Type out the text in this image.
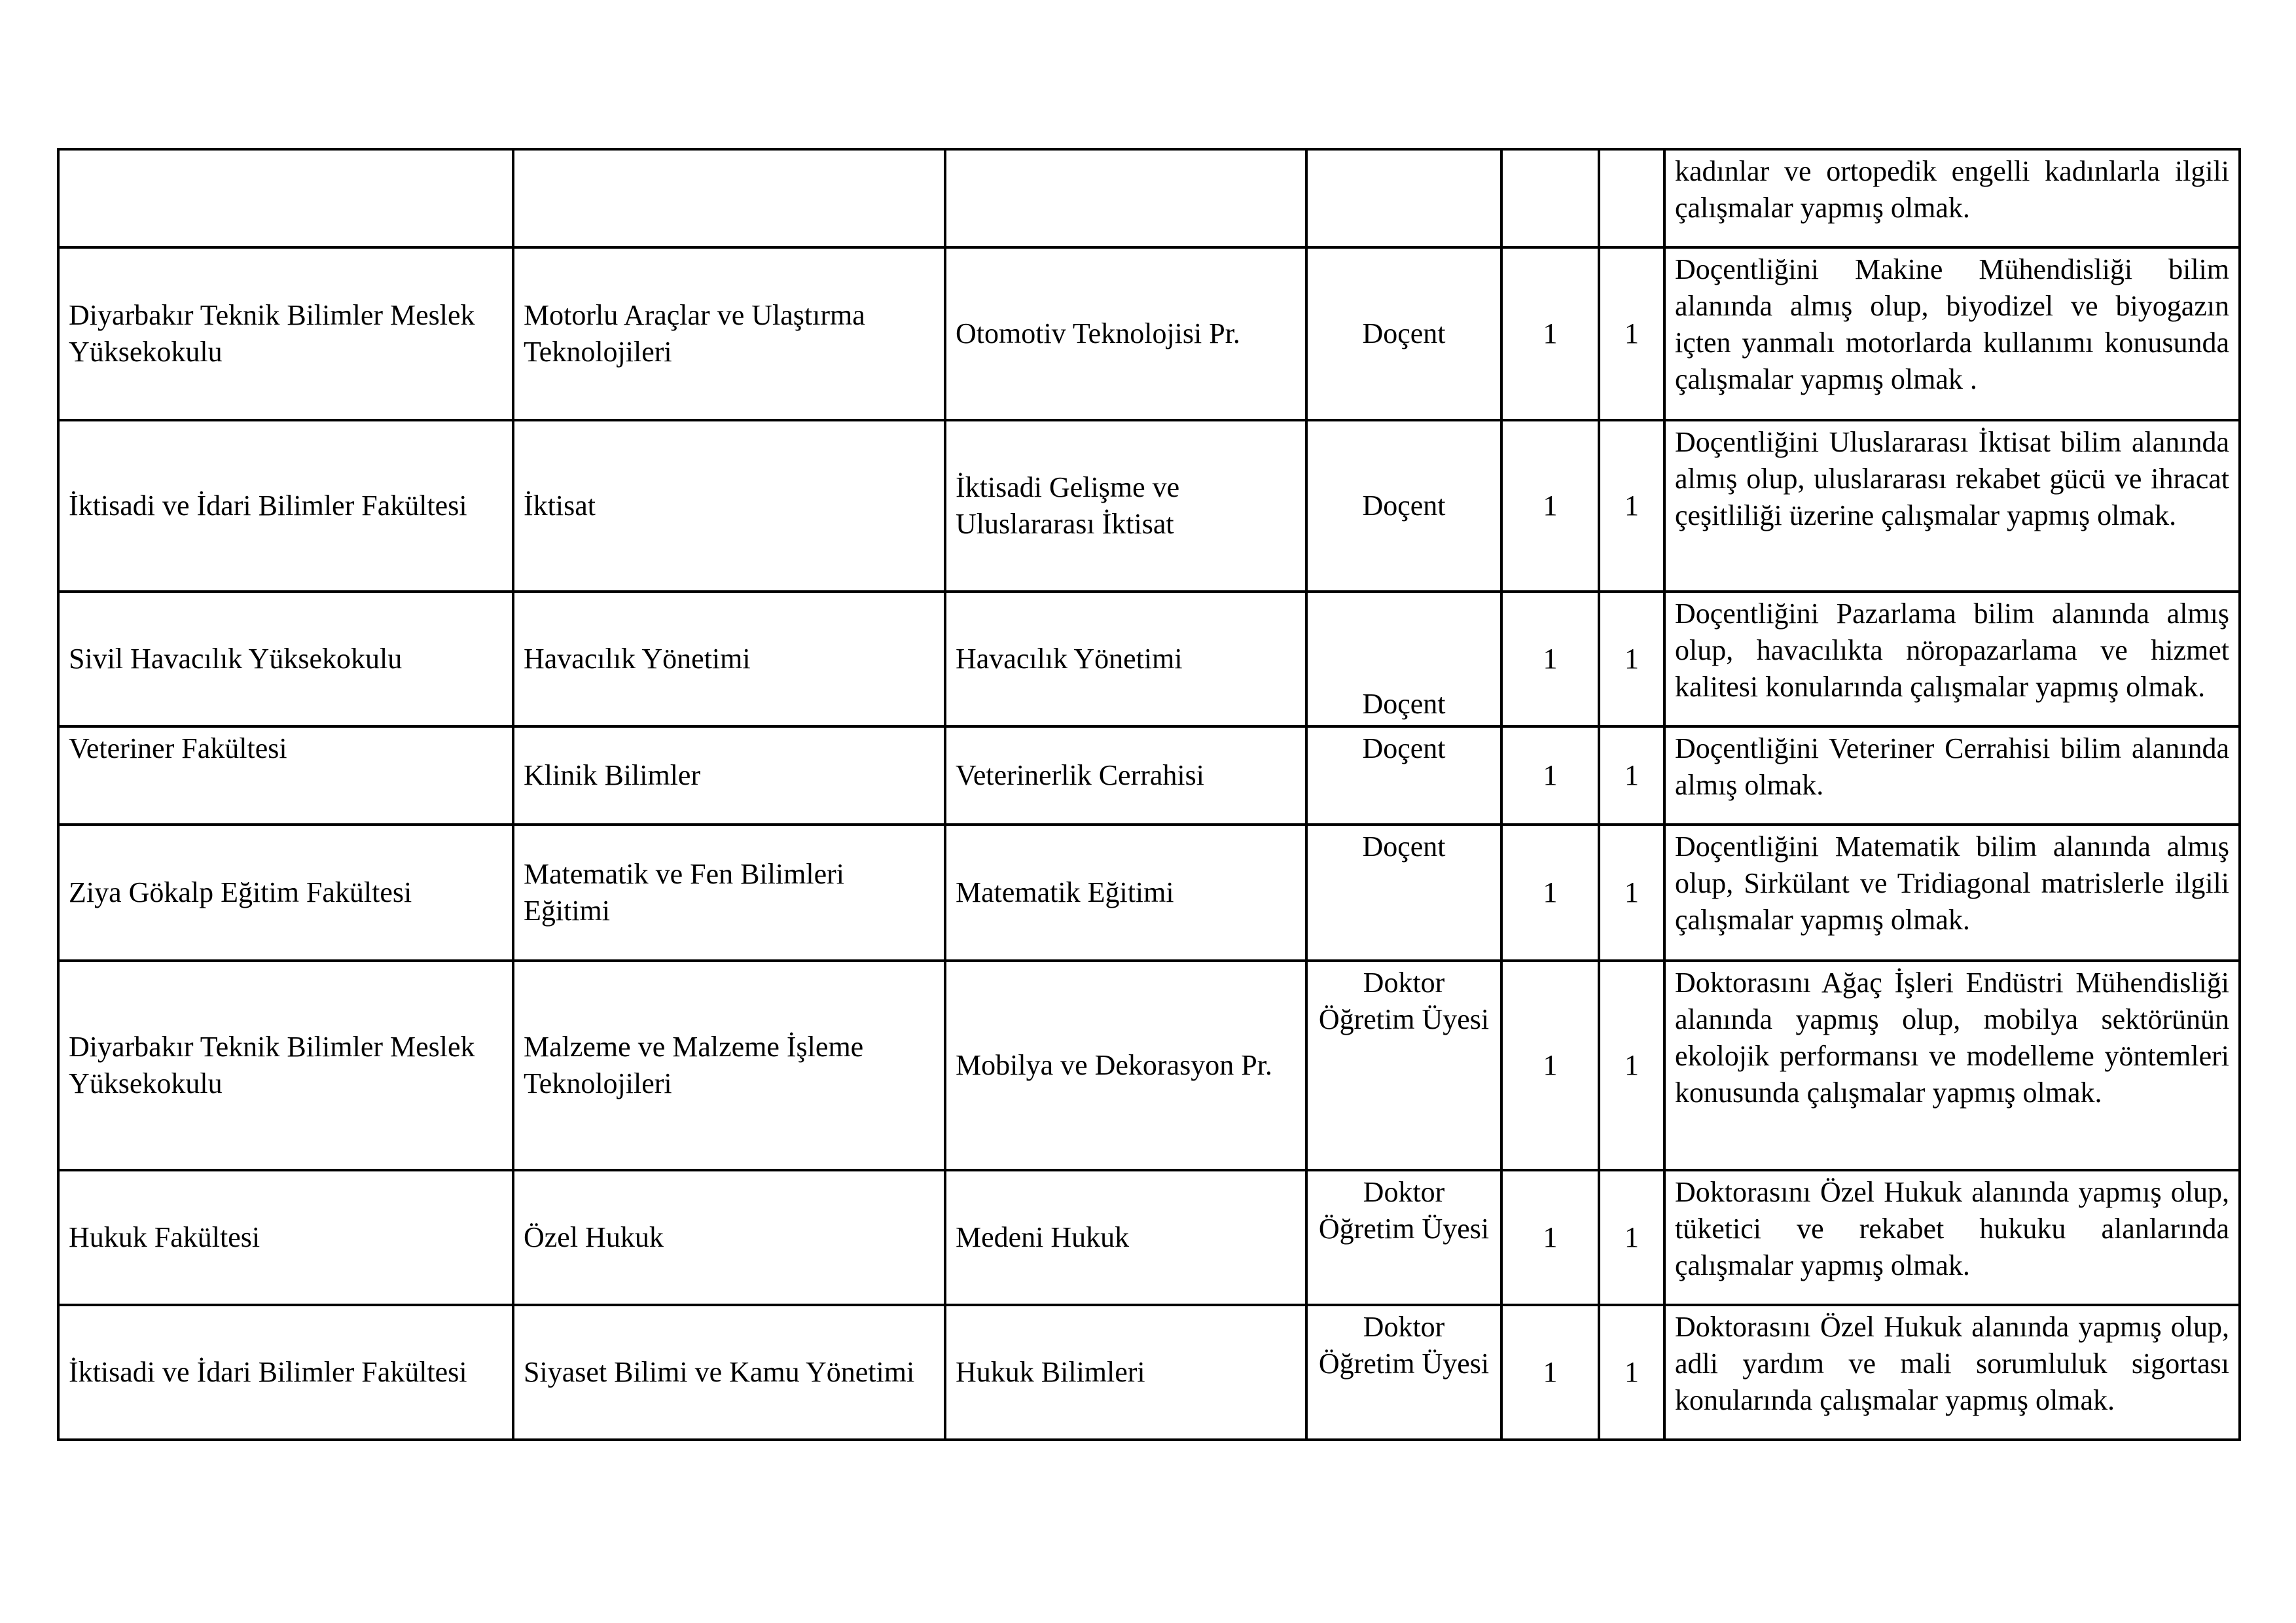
						kadınlar ve ortopedik engelli kadınlarla ilgili çalışmalar yapmış olmak.
Diyarbakır Teknik Bilimler Meslek Yüksekokulu	Motorlu Araçlar ve Ulaştırma Teknolojileri	Otomotiv Teknolojisi Pr.	Doçent	1	1	Doçentliğini Makine Mühendisliği bilim alanında almış olup, biyodizel ve biyogazın içten yanmalı motorlarda kullanımı konusunda çalışmalar yapmış olmak .
İktisadi ve İdari Bilimler Fakültesi	İktisat	İktisadi Gelişme ve Uluslararası İktisat	Doçent	1	1	Doçentliğini Uluslararası İktisat bilim alanında almış olup, uluslararası rekabet gücü ve ihracat çeşitliliği üzerine çalışmalar yapmış olmak.
Sivil Havacılık Yüksekokulu	Havacılık Yönetimi	Havacılık Yönetimi	Doçent	1	1	Doçentliğini Pazarlama bilim alanında almış olup, havacılıkta nöropazarlama ve hizmet kalitesi konularında çalışmalar yapmış olmak.
Veteriner Fakültesi	Klinik Bilimler	Veterinerlik Cerrahisi	Doçent	1	1	Doçentliğini Veteriner Cerrahisi bilim alanında almış olmak.
Ziya Gökalp Eğitim Fakültesi	Matematik ve Fen Bilimleri Eğitimi	Matematik Eğitimi	Doçent	1	1	Doçentliğini Matematik bilim alanında almış olup, Sirkülant ve Tridiagonal matrislerle ilgili çalışmalar yapmış olmak.
Diyarbakır Teknik Bilimler Meslek Yüksekokulu	Malzeme ve Malzeme İşleme Teknolojileri	Mobilya ve Dekorasyon Pr.	Doktor Öğretim Üyesi	1	1	Doktorasını Ağaç İşleri Endüstri Mühendisliği alanında yapmış olup, mobilya sektörünün ekolojik performansı ve modelleme yöntemleri konusunda çalışmalar yapmış olmak.
Hukuk Fakültesi	Özel Hukuk	Medeni Hukuk	Doktor Öğretim Üyesi	1	1	Doktorasını Özel Hukuk alanında yapmış olup, tüketici ve rekabet hukuku alanlarında çalışmalar yapmış olmak.
İktisadi ve İdari Bilimler Fakültesi	Siyaset Bilimi ve Kamu Yönetimi	Hukuk Bilimleri	Doktor Öğretim Üyesi	1	1	Doktorasını Özel Hukuk alanında yapmış olup, adli yardım ve mali sorumluluk sigortası konularında çalışmalar yapmış olmak.
